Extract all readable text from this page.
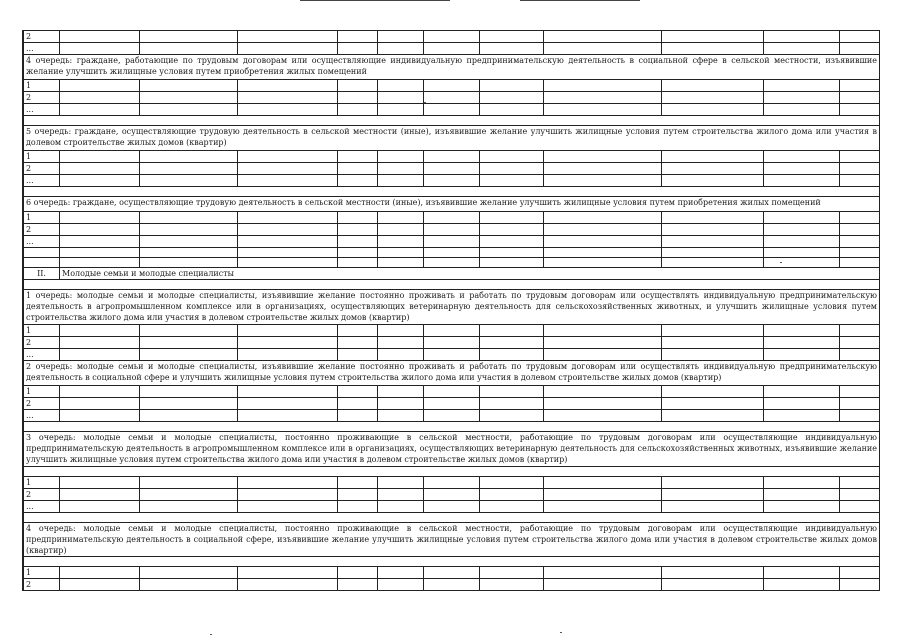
2											
...											
4 очередь: граждане, работающие по трудовым договорам или осуществляющие индивидуальную предпринимательскую деятельность в социальной сфере в сельской местности, изъявившие желание улучшить жилищные условия путем приобретения жилых помещений											
1											
2											
...											

5 очередь: граждане, осуществляющие трудовую деятельность в сельской местности (иные), изъявившие желание улучшить жилищные условия путем строительства жилого дома или участия в долевом строительстве жилых домов (квартир)											
1											
2											
...											

6 очередь: граждане, осуществляющие трудовую деятельность в сельской местности (иные), изъявившие желание улучшить жилищные условия путем приобретения жилых помещений											
1											
2											
...											

II.	Молодые семьи и молодые специалисты										

1 очередь: молодые семьи и молодые специалисты, изъявившие желание постоянно проживать и работать по трудовым договорам или осуществлять индивидуальную предпринимательскую деятельность в агропромышленном комплексе или в организациях, осуществляющих ветеринарную деятельность для сельскохозяйственных животных, и улучшить жилищные условия путем строительства жилого дома или участия в долевом строительстве жилых домов (квартир)											
1											
2											
...											
2 очередь: молодые семьи и молодые специалисты, изъявившие желание постоянно проживать и работать по трудовым договорам или осуществлять индивидуальную предпринимательскую деятельность в социальной сфере и улучшить жилищные условия путем строительства жилого дома или участия в долевом строительстве жилых домов (квартир)											
1											
2											
...											

3 очередь: молодые семьи и молодые специалисты, постоянно проживающие в сельской местности, работающие по трудовым договорам или осуществляющие индивидуальную предпринимательскую деятельность в агропромышленном комплексе или в организациях, осуществляющих ветеринарную деятельность для сельскохозяйственных животных, изъявившие желание улучшить жилищные условия путем строительства жилого дома или участия в долевом строительстве жилых домов (квартир)											

1											
2											
...											

4 очередь: молодые семьи и молодые специалисты, постоянно проживающие в сельской местности, работающие по трудовым договорам или осуществляющие индивидуальную предпринимательскую деятельность в социальной сфере, изъявившие желание улучшить жилищные условия путем строительства жилого дома или участия в долевом строительстве жилых домов (квартир)											

1											
2											
